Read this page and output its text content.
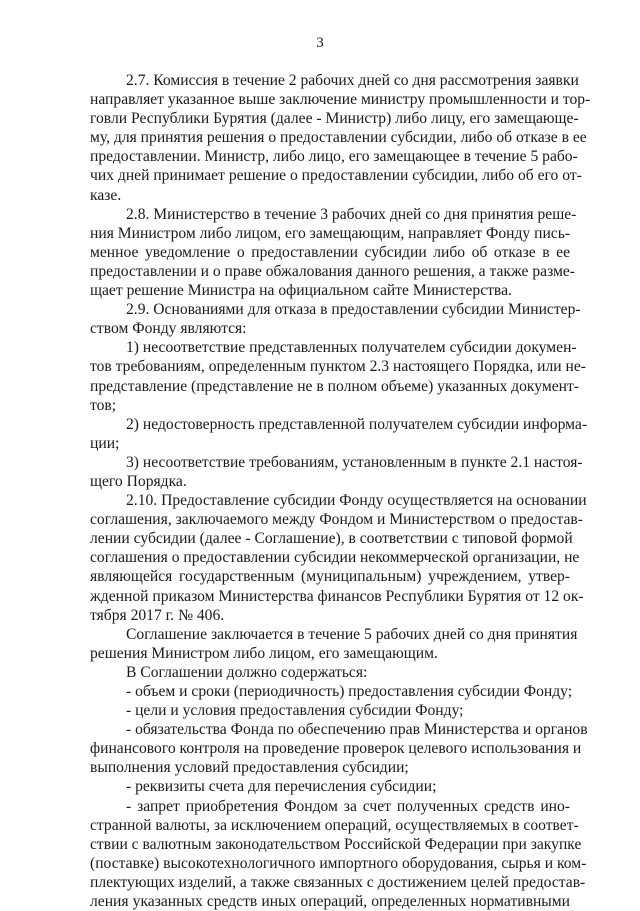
3
2.7. Комиссия в течение 2 рабочих дней со дня рассмотрения заявки
направляет указанное выше заключение министру промышленности и тор-
говли Республики Бурятия (далее - Министр) либо лицу, его замещающе-
му, для принятия решения о предоставлении субсидии, либо об отказе в ее
предоставлении. Министр, либо лицо, его замещающее в течение 5 рабо-
чих дней принимает решение о предоставлении субсидии, либо об его от-
казе.
2.8. Министерство в течение 3 рабочих дней со дня принятия реше-
ния Министром либо лицом, его замещающим, направляет Фонду пись-
менное уведомление о предоставлении субсидии либо об отказе в ее
предоставлении и о праве обжалования данного решения, а также разме-
щает решение Министра на официальном сайте Министерства.
2.9. Основаниями для отказа в предоставлении субсидии Министер-
ством Фонду являются:
1) несоответствие представленных получателем субсидии докумен-
тов требованиям, определенным пунктом 2.3 настоящего Порядка, или не-
представление (представление не в полном объеме) указанных документ-
тов;
2) недостоверность представленной получателем субсидии информа-
ции;
3) несоответствие требованиям, установленным в пункте 2.1 настоя-
щего Порядка.
2.10. Предоставление субсидии Фонду осуществляется на основании
соглашения, заключаемого между Фондом и Министерством о предостав-
лении субсидии (далее - Соглашение), в соответствии с типовой формой
соглашения о предоставлении субсидии некоммерческой организации, не
являющейся государственным (муниципальным) учреждением, утвер-
жденной приказом Министерства финансов Республики Бурятия от 12 ок-
тября 2017 г. № 406.
Соглашение заключается в течение 5 рабочих дней со дня принятия
решения Министром либо лицом, его замещающим.
В Соглашении должно содержаться:
- объем и сроки (периодичность) предоставления субсидии Фонду;
- цели и условия предоставления субсидии Фонду;
- обязательства Фонда по обеспечению прав Министерства и органов
финансового контроля на проведение проверок целевого использования и
выполнения условий предоставления субсидии;
- реквизиты счета для перечисления субсидии;
- запрет приобретения Фондом за счет полученных средств ино-
странной валюты, за исключением операций, осуществляемых в соответ-
ствии с валютным законодательством Российской Федерации при закупке
(поставке) высокотехнологичного импортного оборудования, сырья и ком-
плектующих изделий, а также связанных с достижением целей предостав-
ления указанных средств иных операций, определенных нормативными
